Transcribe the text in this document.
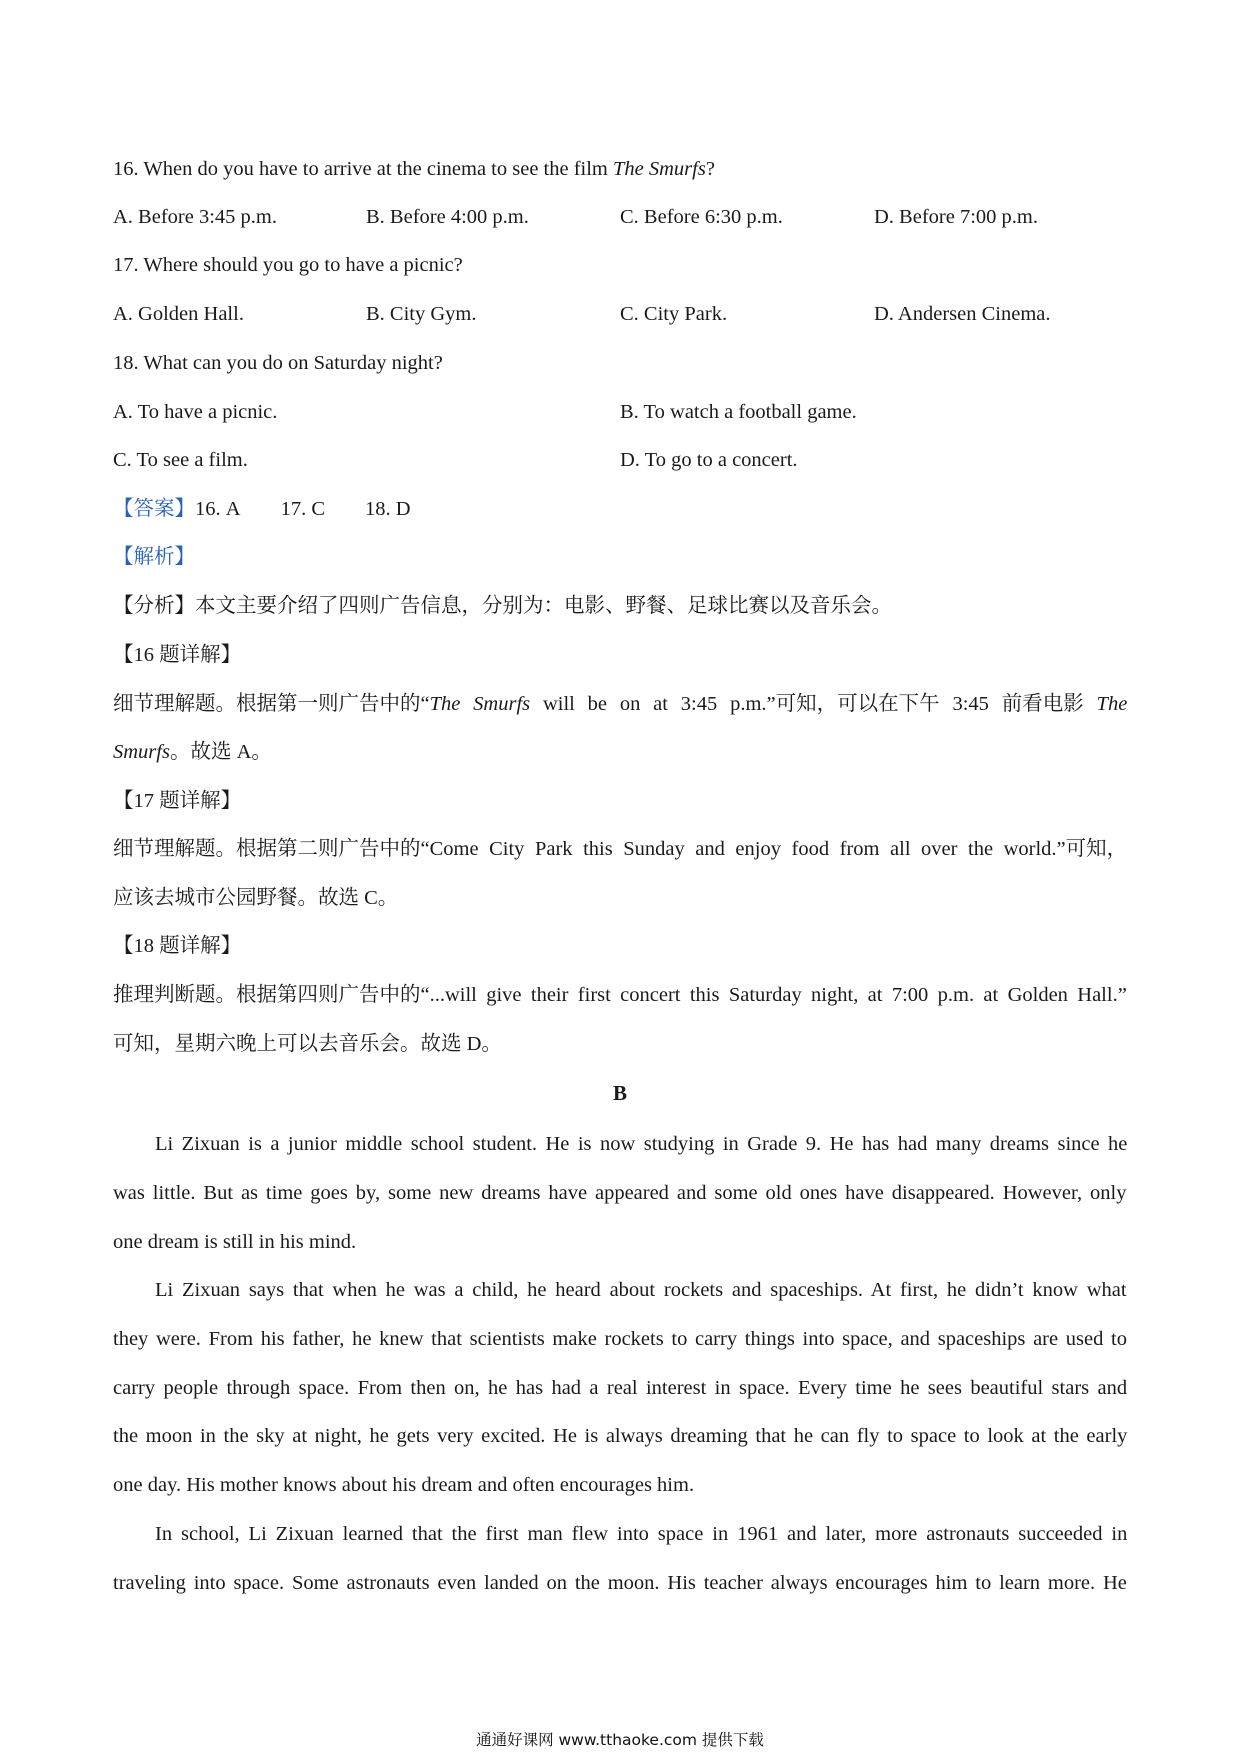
16. When do you have to arrive at the cinema to see the film The Smurfs?
A. Before 3:45 p.m.	B. Before 4:00 p.m.	C. Before 6:30 p.m.	D. Before 7:00 p.m.
17. Where should you go to have a picnic?
A. Golden Hall.	B. City Gym.	C. City Park.	D. Andersen Cinema.
18. What can you do on Saturday night?
A. To have a picnic.	B. To watch a football game.
C. To see a film.	D. To go to a concert.
【答案】16. A 17. C 18. D
【解析】
【分析】本文主要介绍了四则广告信息，分别为：电影、野餐、足球比赛以及音乐会。
【16 题详解】
细节理解题。根据第一则广告中的“The Smurfs will be on at 3:45 p.m.”可知，可以在下午 3:45 前看电影 The
Smurfs。故选 A。
【17 题详解】
细节理解题。根据第二则广告中的“Come City Park this Sunday and enjoy food from all over the world.”可知，
应该去城市公园野餐。故选 C。
【18 题详解】
推理判断题。根据第四则广告中的“...will give their first concert this Saturday night, at 7:00 p.m. at Golden Hall.”
可知，星期六晚上可以去音乐会。故选 D。
B
Li Zixuan is a junior middle school student. He is now studying in Grade 9. He has had many dreams since he
was little. But as time goes by, some new dreams have appeared and some old ones have disappeared. However, only
one dream is still in his mind.
Li Zixuan says that when he was a child, he heard about rockets and spaceships. At first, he didn’t know what
they were. From his father, he knew that scientists make rockets to carry things into space, and spaceships are used to
carry people through space. From then on, he has had a real interest in space. Every time he sees beautiful stars and
the moon in the sky at night, he gets very excited. He is always dreaming that he can fly to space to look at the early
one day. His mother knows about his dream and often encourages him.
In school, Li Zixuan learned that the first man flew into space in 1961 and later, more astronauts succeeded in
traveling into space. Some astronauts even landed on the moon. His teacher always encourages him to learn more. He
通通好课网 www.tthaoke.com 提供下载
